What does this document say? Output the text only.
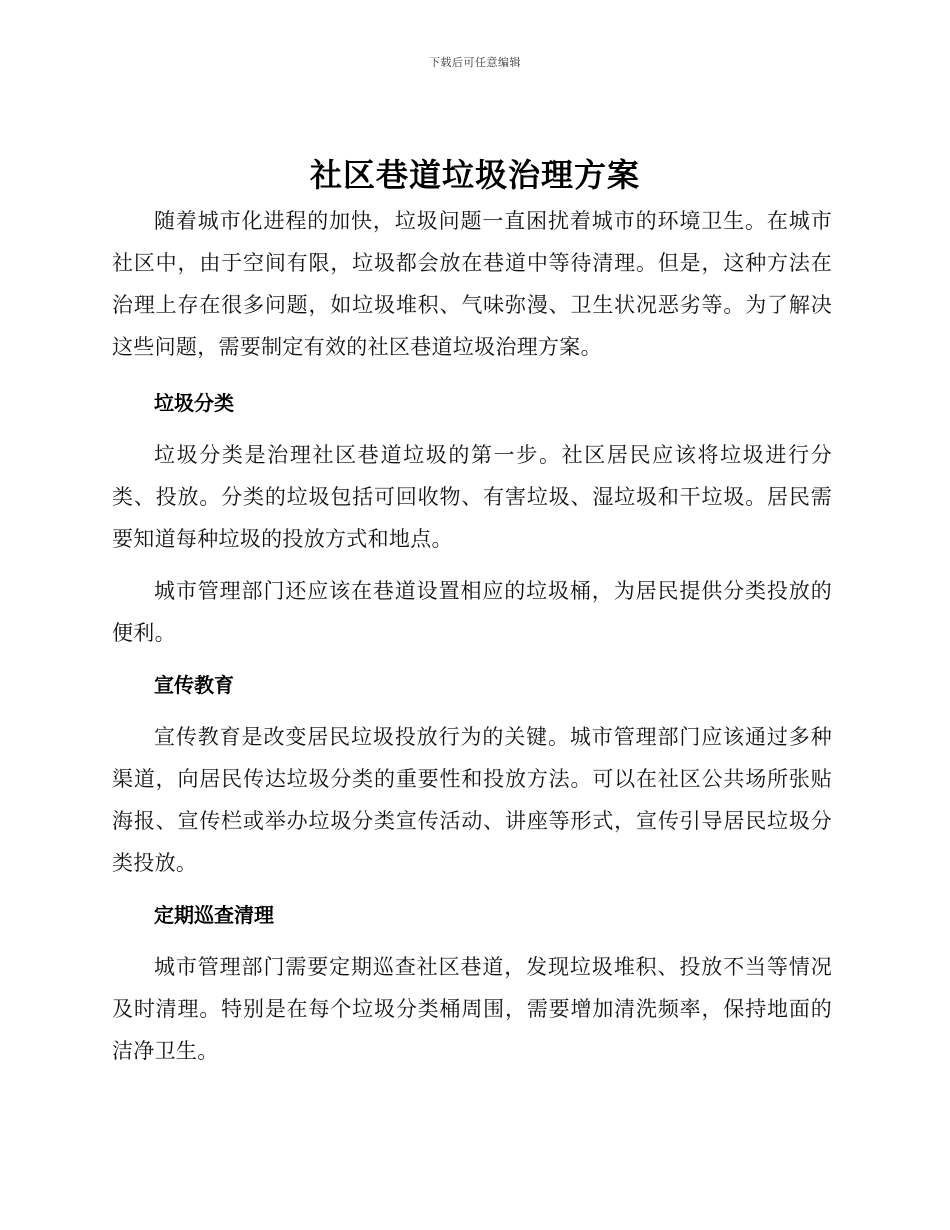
下载后可任意编辑
社区巷道垃圾治理方案

随着城市化进程的加快，垃圾问题一直困扰着城市的环境卫生。在城市社区中，由于空间有限，垃圾都会放在巷道中等待清理。但是，这种方法在治理上存在很多问题，如垃圾堆积、气味弥漫、卫生状况恶劣等。为了解决这些问题，需要制定有效的社区巷道垃圾治理方案。

垃圾分类

垃圾分类是治理社区巷道垃圾的第一步。社区居民应该将垃圾进行分类、投放。分类的垃圾包括可回收物、有害垃圾、湿垃圾和干垃圾。居民需要知道每种垃圾的投放方式和地点。

城市管理部门还应该在巷道设置相应的垃圾桶，为居民提供分类投放的便利。

宣传教育

宣传教育是改变居民垃圾投放行为的关键。城市管理部门应该通过多种渠道，向居民传达垃圾分类的重要性和投放方法。可以在社区公共场所张贴海报、宣传栏或举办垃圾分类宣传活动、讲座等形式，宣传引导居民垃圾分类投放。

定期巡查清理

城市管理部门需要定期巡查社区巷道，发现垃圾堆积、投放不当等情况及时清理。特别是在每个垃圾分类桶周围，需要增加清洗频率，保持地面的洁净卫生。
